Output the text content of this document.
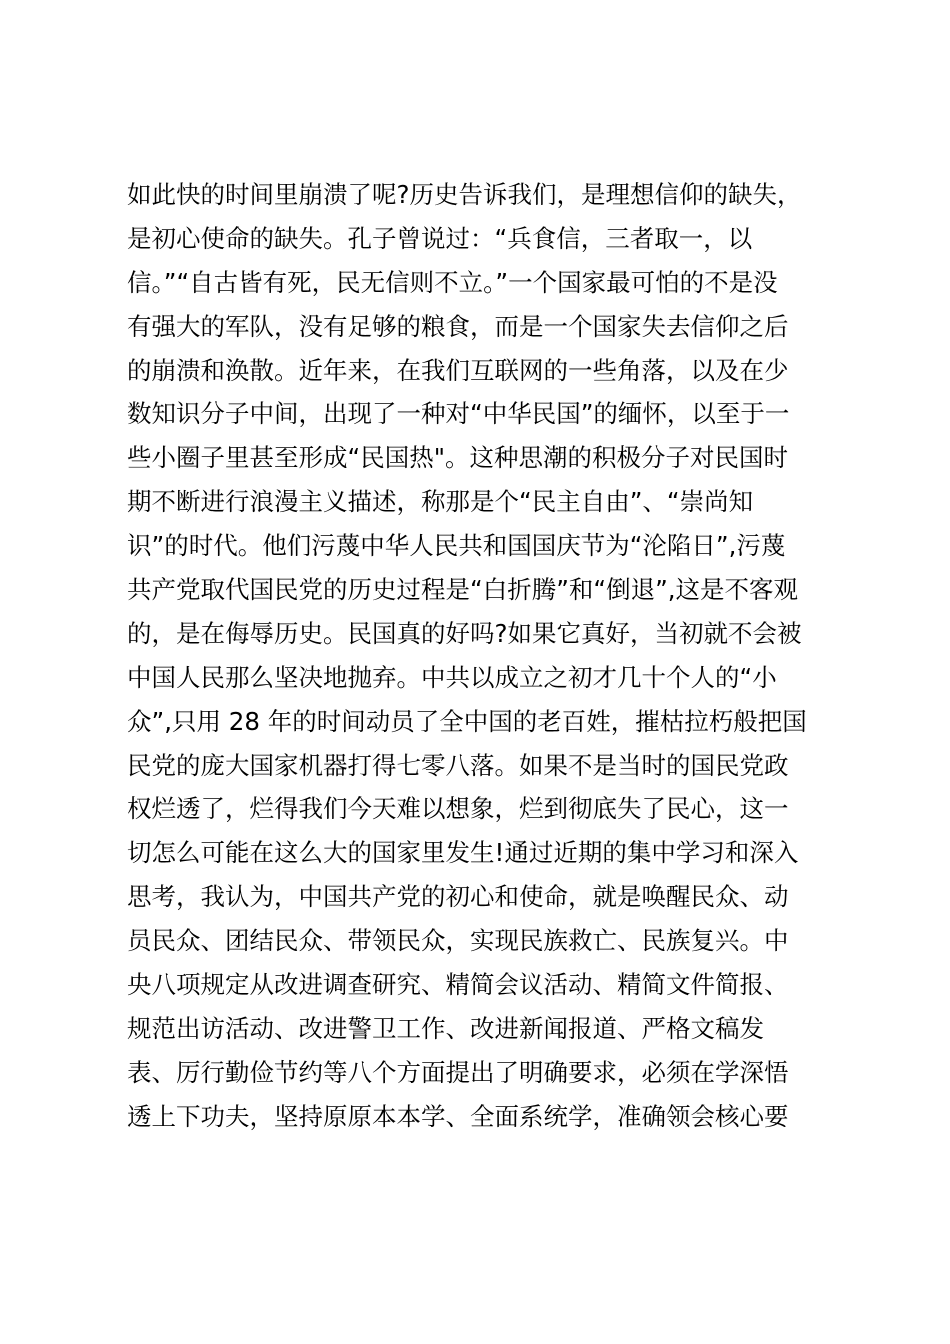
如此快的时间里崩溃了呢?历史告诉我们，是理想信仰的缺失，
是初心使命的缺失。孔子曾说过：“兵食信，三者取一，以
信。”“自古皆有死，民无信则不立。”一个国家最可怕的不是没
有强大的军队，没有足够的粮食，而是一个国家失去信仰之后
的崩溃和涣散。近年来，在我们互联网的一些角落，以及在少
数知识分子中间，出现了一种对“中华民国”的缅怀，以至于一
些小圈子里甚至形成“民国热"。这种思潮的积极分子对民国时
期不断进行浪漫主义描述，称那是个“民主自由”、“崇尚知
识”的时代。他们污蔑中华人民共和国国庆节为“沦陷日”,污蔑
共产党取代国民党的历史过程是“白折腾”和“倒退”,这是不客观
的，是在侮辱历史。民国真的好吗?如果它真好，当初就不会被
中国人民那么坚决地抛弃。中共以成立之初才几十个人的“小
众”,只用 28 年的时间动员了全中国的老百姓，摧枯拉朽般把国
民党的庞大国家机器打得七零八落。如果不是当时的国民党政
权烂透了，烂得我们今天难以想象，烂到彻底失了民心，这一
切怎么可能在这么大的国家里发生!通过近期的集中学习和深入
思考，我认为，中国共产党的初心和使命，就是唤醒民众、动
员民众、团结民众、带领民众，实现民族救亡、民族复兴。中
央八项规定从改进调查研究、精简会议活动、精简文件简报、
规范出访活动、改进警卫工作、改进新闻报道、严格文稿发
表、厉行勤俭节约等八个方面提出了明确要求，必须在学深悟
透上下功夫，坚持原原本本学、全面系统学，准确领会核心要
